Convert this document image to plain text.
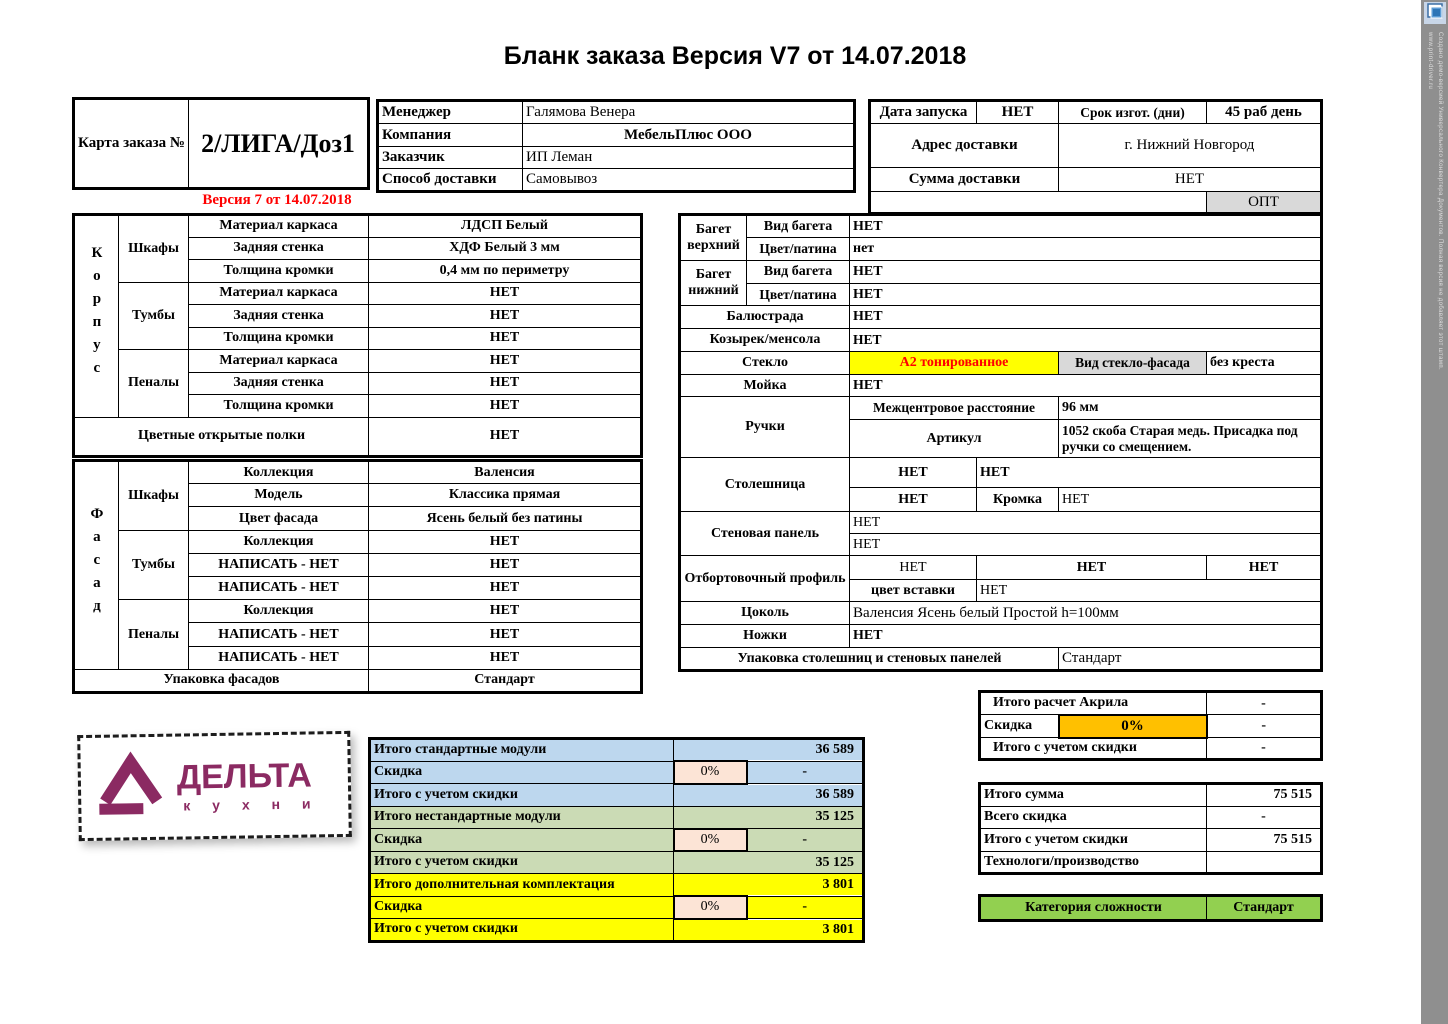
Бланк заказа Версия V7 от 14.07.2018
Карта заказа №	2/ЛИГА/Доз1
Версия 7 от 14.07.2018
Менеджер	Галямова Венера
Компания	МебельПлюс ООО
Заказчик	ИП Леман
Способ доставки	Самовывоз
Дата запуска	НЕТ	Срок изгот. (дни)	45 раб день
Адрес доставки		г. Нижний Новгород	
Сумма доставки		НЕТ	
			ОПТ
Корпус	Шкафы	Материал каркаса	ЛДСП Белый
		Задняя стенка	ХДФ Белый 3 мм
		Толщина кромки	0,4 мм по периметру
	Тумбы	Материал каркаса	НЕТ
		Задняя стенка	НЕТ
		Толщина кромки	НЕТ
	Пеналы	Материал каркаса	НЕТ
		Задняя стенка	НЕТ
		Толщина кромки	НЕТ
Цветные открытые полки			НЕТ
Фасад	Шкафы	Коллекция	Валенсия
		Модель	Классика прямая
		Цвет фасада	Ясень белый без патины
	Тумбы	Коллекция	НЕТ
		НАПИСАТЬ - НЕТ	НЕТ
		НАПИСАТЬ - НЕТ	НЕТ
	Пеналы	Коллекция	НЕТ
		НАПИСАТЬ - НЕТ	НЕТ
		НАПИСАТЬ - НЕТ	НЕТ
Упаковка фасадов			Стандарт
Багет верхний	Вид багета	НЕТ			
	Цвет/патина	нет			
Багет нижний	Вид багета	НЕТ			
	Цвет/патина	НЕТ			
Балюстрада		НЕТ			
Козырек/менсола		НЕТ			
Стекло		А2 тонированное		Вид стекло-фасада	без креста
Мойка		НЕТ			
Ручки		Межцентровое расстояние		96 мм	
		Артикул		1052 скоба Старая медь. Присадка под ручки со смещением.	
Столешница		НЕТ	НЕТ		
		НЕТ	Кромка	НЕТ	
Стеновая панель		НЕТ			
		НЕТ			
Отбортовочный профиль		НЕТ	НЕТ		НЕТ
		цвет вставки	НЕТ		
Цоколь		Валенсия Ясень белый Простой h=100мм			
Ножки		НЕТ			
Упаковка столешниц и стеновых панелей				Стандарт	
ДЕЛЬТА
к у х н и
Итого стандартные модули	36 589	
Скидка	0%	-
Итого с учетом скидки	36 589	
Итого нестандартные модули	35 125	
Скидка	0%	-
Итого с учетом скидки	35 125	
Итого дополнительная комплектация	3 801	
Скидка	0%	-
Итого с учетом скидки	3 801	
Итого расчет Акрила		-
Скидка	0%	-
Итого с учетом скидки		-
Итого сумма	75 515
Всего скидка	-
Итого с учетом скидки	75 515
Технологи/производство	
Категория сложности	Стандарт
Создано демо-версией Универсального Конвертера Документов. Полная версия не добавляет этот штамп.
www.print-driver.ru
